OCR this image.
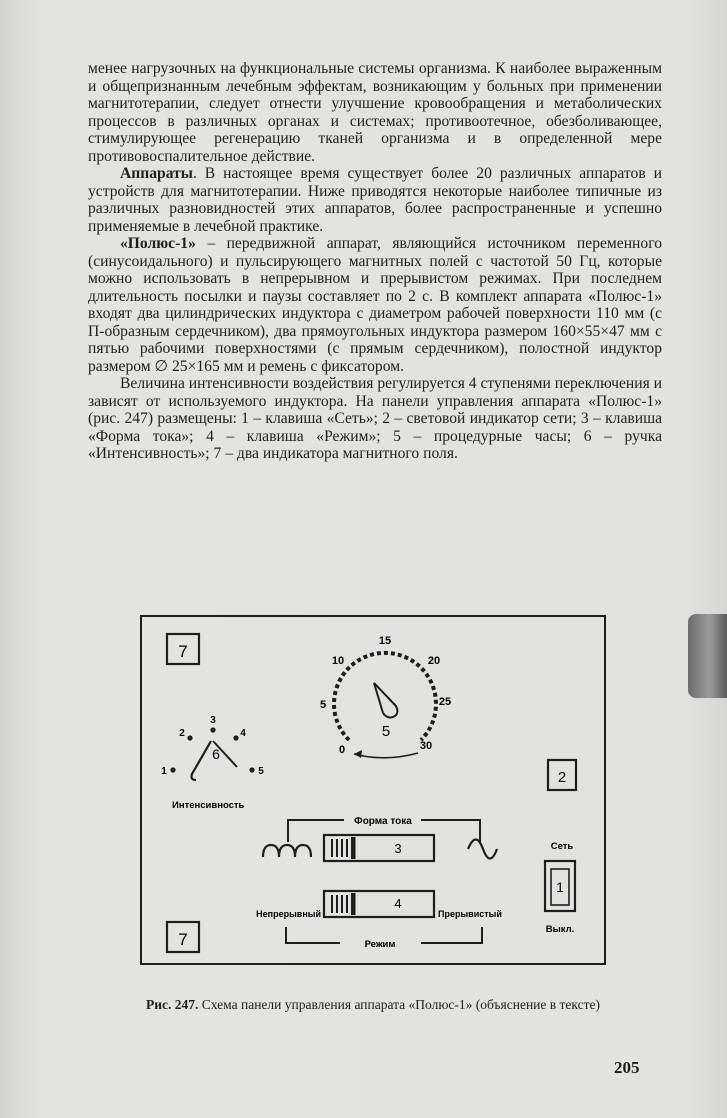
менее нагрузочных на функциональные системы организма. К наиболее выраженным и общепризнанным лечебным эффектам, возникающим у больных при применении магнитотерапии, следует отнести улучшение кровообращения и метаболических процессов в различных органах и системах; противоотечное, обезболивающее, стимулирующее регенерацию тканей организма и в определенной мере противовоспалительное действие.

Аппараты. В настоящее время существует более 20 различных аппаратов и устройств для магнитотерапии. Ниже приводятся некоторые наиболее типичные из различных разновидностей этих аппаратов, более распространенные и успешно применяемые в лечебной практике.

«Полюс-1» – передвижной аппарат, являющийся источником переменного (синусоидального) и пульсирующего магнитных полей с частотой 50 Гц, которые можно использовать в непрерывном и прерывистом режимах. При последнем длительность посылки и паузы составляет по 2 с. В комплект аппарата «Полюс-1» входят два цилиндрических индуктора с диаметром рабочей поверхности 110 мм (с П-образным сердечником), два прямоугольных индуктора размером 160×55×47 мм с пятью рабочими поверхностями (с прямым сердечником), полостной индуктор размером ∅ 25×165 мм и ремень с фиксатором.

Величина интенсивности воздействия регулируется 4 ступенями переключения и зависят от используемого индуктора. На панели управления аппарата «Полюс-1» (рис. 247) размещены: 1 – клавиша «Сеть»; 2 – световой индикатор сети; 3 – клавиша «Форма тока»; 4 – клавиша «Режим»; 5 – процедурные часы; 6 – ручка «Интенсивность»; 7 – два индикатора магнитного поля.

7
7
0
5
10
15
20
25
30
5
1
2
3
4
5
6
Интенсивность
Форма тока
3
4
Непрерывный	Прерывистый
Режим
2
Сеть
1
Выкл.
Рис. 247. Схема панели управления аппарата «Полюс-1» (объяснение в тексте)
205
